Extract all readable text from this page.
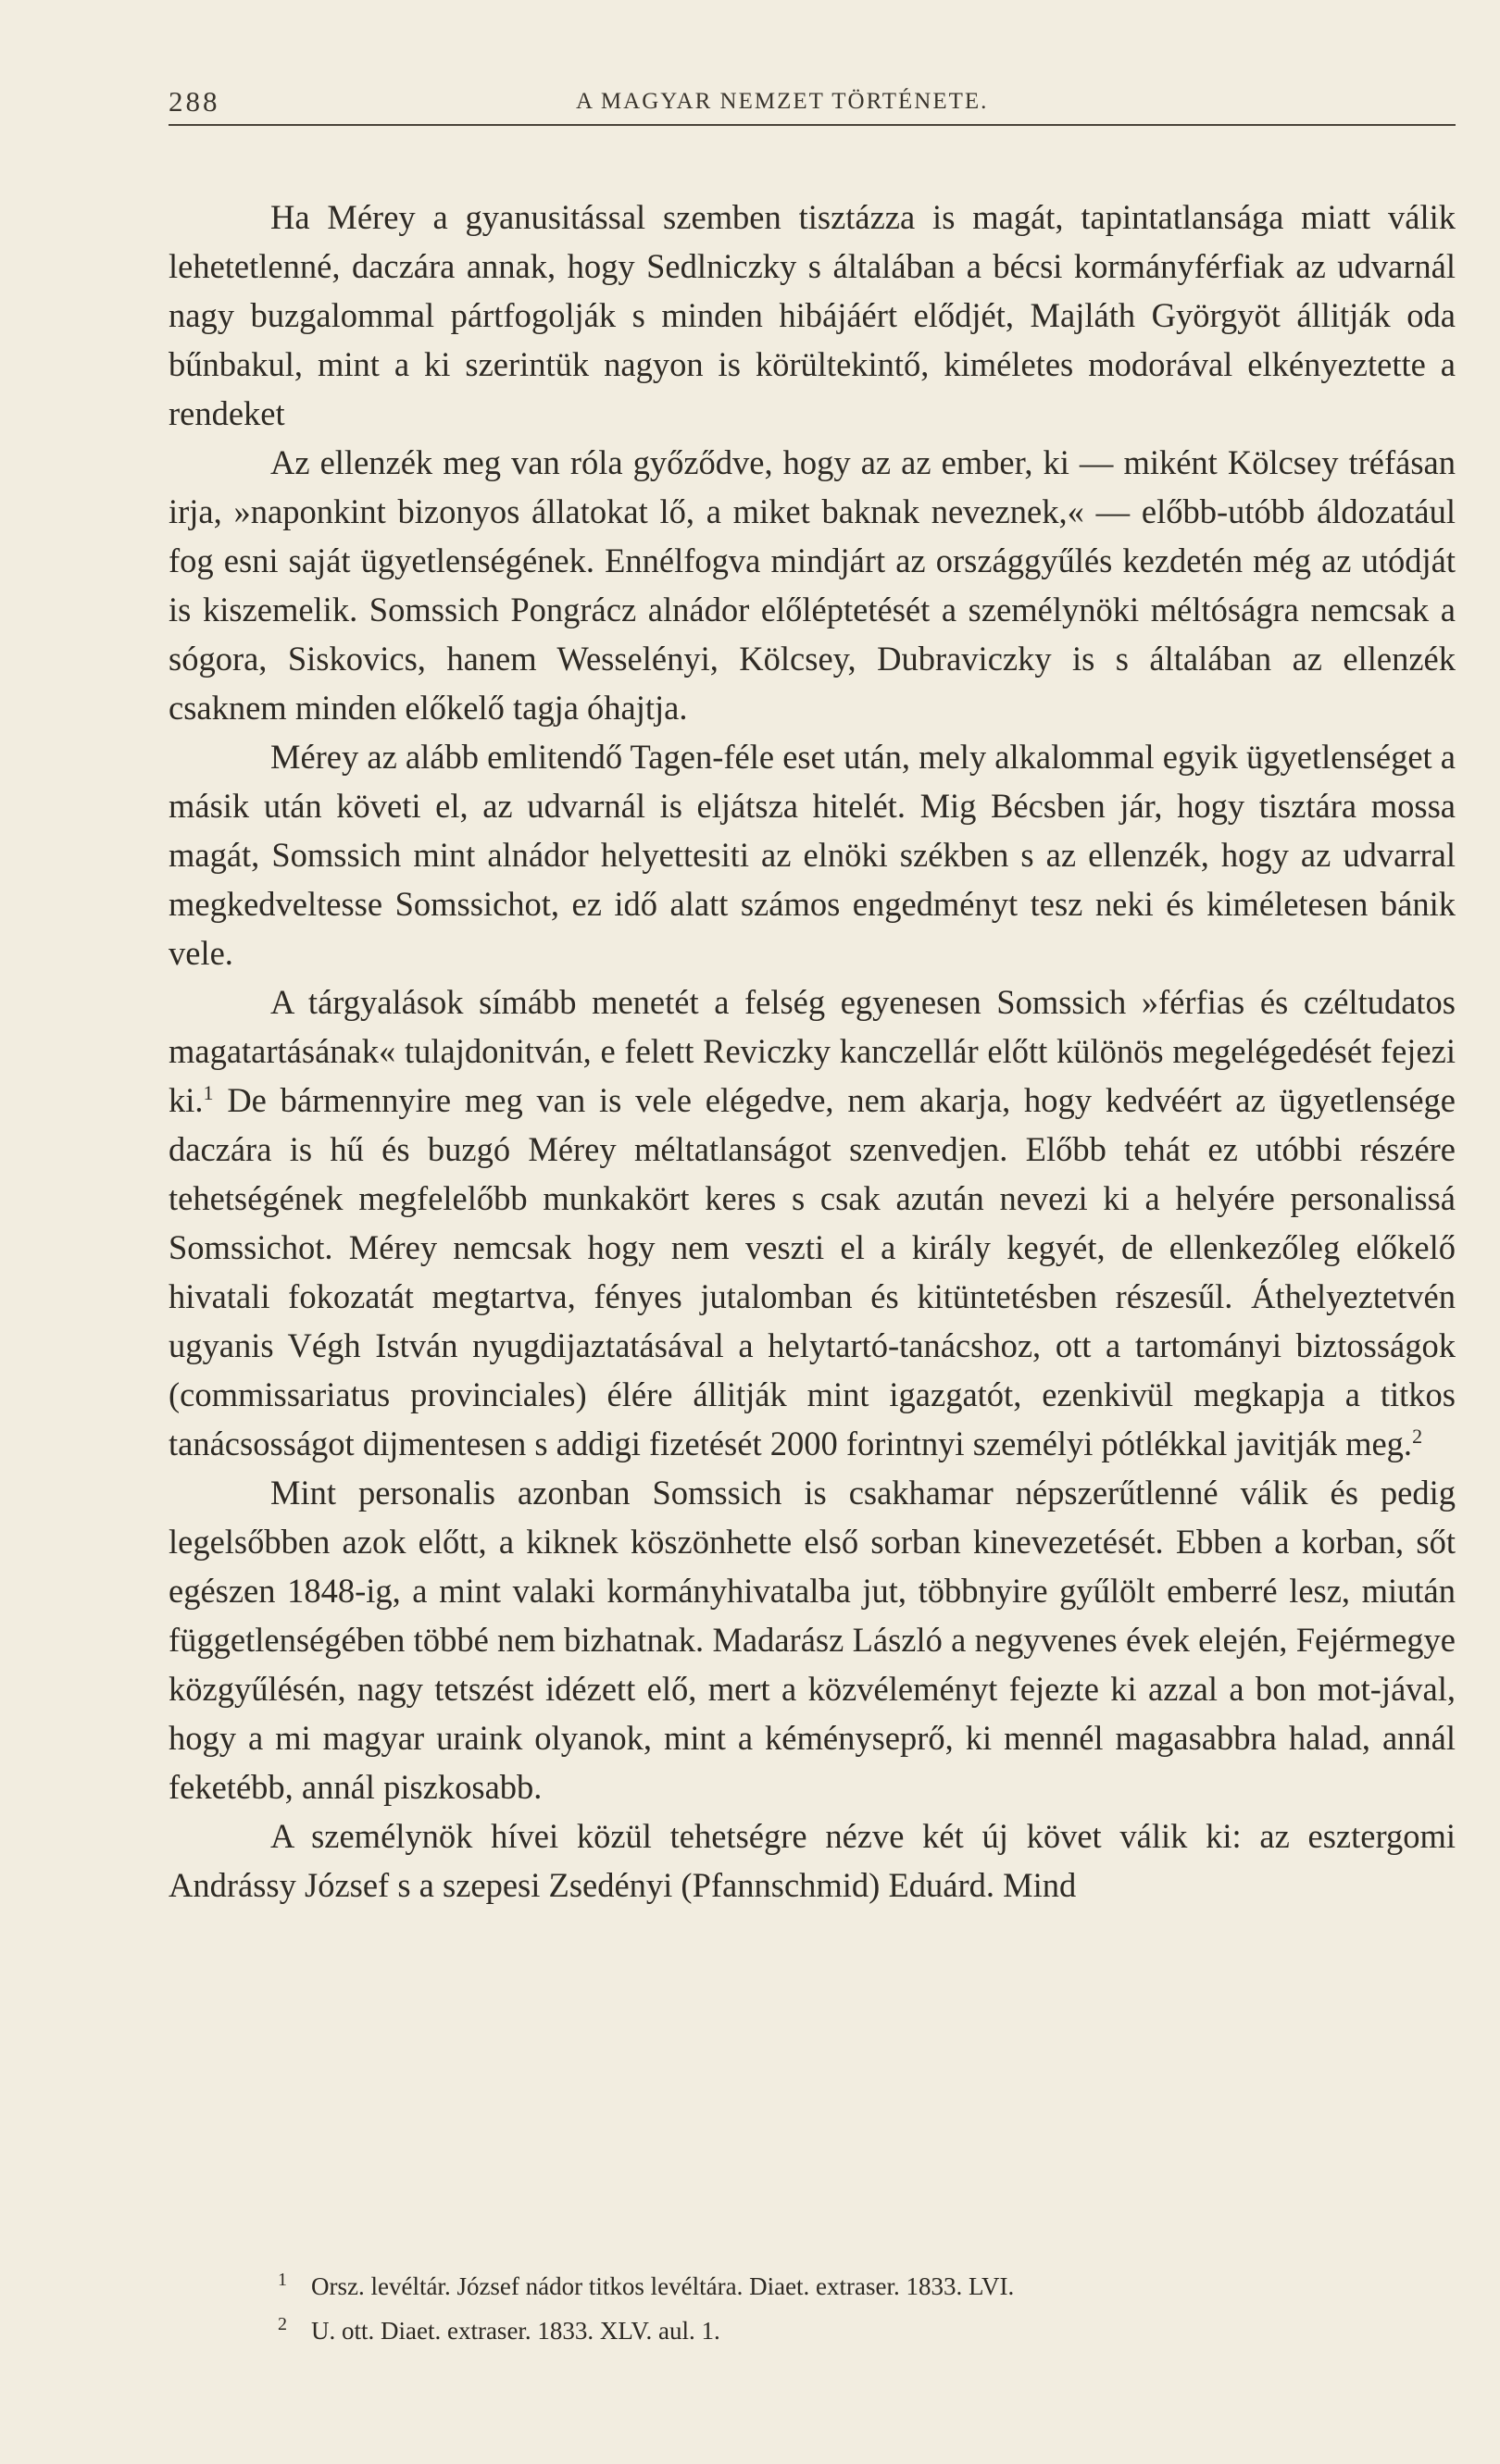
288	A MAGYAR NEMZET TÖRTÉNETE.

Ha Mérey a gyanusitással szemben tisztázza is magát, tapintatlansága miatt válik lehetetlenné, daczára annak, hogy Sedlniczky s általában a bécsi kormányférfiak az udvarnál nagy buzgalommal pártfogolják s minden hibájáért elődjét, Majláth Györgyöt állitják oda bűnbakul, mint a ki szerintük nagyon is körültekintő, kiméletes modorával elkényeztette a rendeket

Az ellenzék meg van róla győződve, hogy az az ember, ki — miként Kölcsey tréfásan irja, »naponkint bizonyos állatokat lő, a miket baknak neveznek,« — előbb-utóbb áldozatául fog esni saját ügyetlenségének. Ennélfogva mindjárt az országgyűlés kezdetén még az utódját is kiszemelik. Somssich Pongrácz alnádor előléptetését a személynöki méltóságra nemcsak a sógora, Siskovics, hanem Wesselényi, Kölcsey, Dubraviczky is s általában az ellenzék csaknem minden előkelő tagja óhajtja.

Mérey az alább emlitendő Tagen-féle eset után, mely alkalommal egyik ügyetlenséget a másik után követi el, az udvarnál is eljátsza hitelét. Mig Bécsben jár, hogy tisztára mossa magát, Somssich mint alnádor helyettesiti az elnöki székben s az ellenzék, hogy az udvarral megkedveltesse Somssichot, ez idő alatt számos engedményt tesz neki és kiméletesen bánik vele.

A tárgyalások símább menetét a felség egyenesen Somssich »férfias és czéltudatos magatartásának« tulajdonitván, e felett Reviczky kanczellár előtt különös megelégedését fejezi ki.$^1$ De bármennyire meg van is vele elégedve, nem akarja, hogy kedvéért az ügyetlensége daczára is hű és buzgó Mérey méltatlanságot szenvedjen. Előbb tehát ez utóbbi részére tehetségének megfelelőbb munkakört keres s csak azután nevezi ki a helyére personalissá Somssichot. Mérey nemcsak hogy nem veszti el a király kegyét, de ellenkezőleg előkelő hivatali fokozatát megtartva, fényes jutalomban és kitüntetésben részesűl. Áthelyeztetvén ugyanis Végh István nyugdijaztatásával a helytartó-tanácshoz, ott a tartományi biztosságok (commissariatus provinciales) élére állitják mint igazgatót, ezenkivül megkapja a titkos tanácsosságot dijmentesen s addigi fizetését 2000 forintnyi személyi pótlékkal javitják meg.$^2$

Mint personalis azonban Somssich is csakhamar népszerűtlenné válik és pedig legelsőbben azok előtt, a kiknek köszönhette első sorban kinevezetését. Ebben a korban, sőt egészen 1848-ig, a mint valaki kormányhivatalba jut, többnyire gyűlölt emberré lesz, miután függetlenségében többé nem bizhatnak. Madarász László a negyvenes évek elején, Fejérmegye közgyűlésén, nagy tetszést idézett elő, mert a közvéleményt fejezte ki azzal a bon mot-jával, hogy a mi magyar uraink olyanok, mint a kéményseprő, ki mennél magasabbra halad, annál feketébb, annál piszkosabb.

A személynök hívei közül tehetségre nézve két új követ válik ki: az esztergomi Andrássy József s a szepesi Zsedényi (Pfannschmid) Eduárd. Mind

1 Orsz. levéltár. József nádor titkos levéltára. Diaet. extraser. 1833. LVI.
2 U. ott. Diaet. extraser. 1833. XLV. aul. 1.
